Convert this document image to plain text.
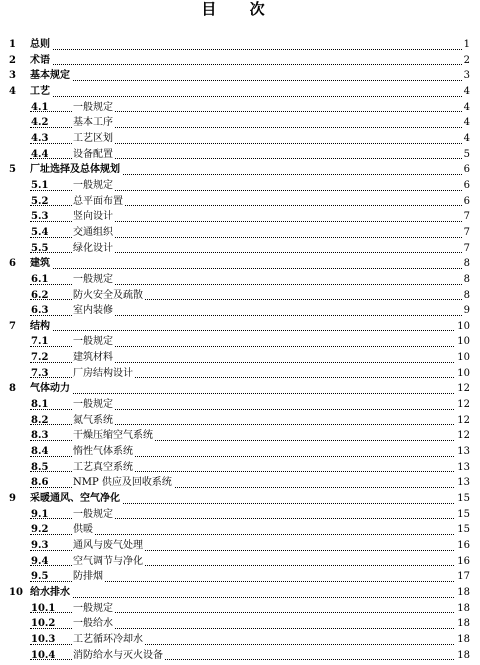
目 次
1 总则	1
2 术语	2
3 基本规定	3
4 工艺	4
4.1 一般规定	4
4.2 基本工序	4
4.3 工艺区划	4
4.4 设备配置	5
5 厂址选择及总体规划	6
5.1 一般规定	6
5.2 总平面布置	6
5.3 竖向设计	7
5.4 交通组织	7
5.5 绿化设计	7
6 建筑	8
6.1 一般规定	8
6.2 防火安全及疏散	8
6.3 室内装修	9
7 结构	10
7.1 一般规定	10
7.2 建筑材料	10
7.3 厂房结构设计	10
8 气体动力	12
8.1 一般规定	12
8.2 氮气系统	12
8.3 干燥压缩空气系统	12
8.4 惰性气体系统	13
8.5 工艺真空系统	13
8.6 NMP 供应及回收系统	13
9 采暖通风、空气净化	15
9.1 一般规定	15
9.2 供暖	15
9.3 通风与废气处理	16
9.4 空气调节与净化	16
9.5 防排烟	17
10 给水排水	18
10.1 一般规定	18
10.2 一般给水	18
10.3 工艺循环冷却水	18
10.4 消防给水与灭火设备	18
